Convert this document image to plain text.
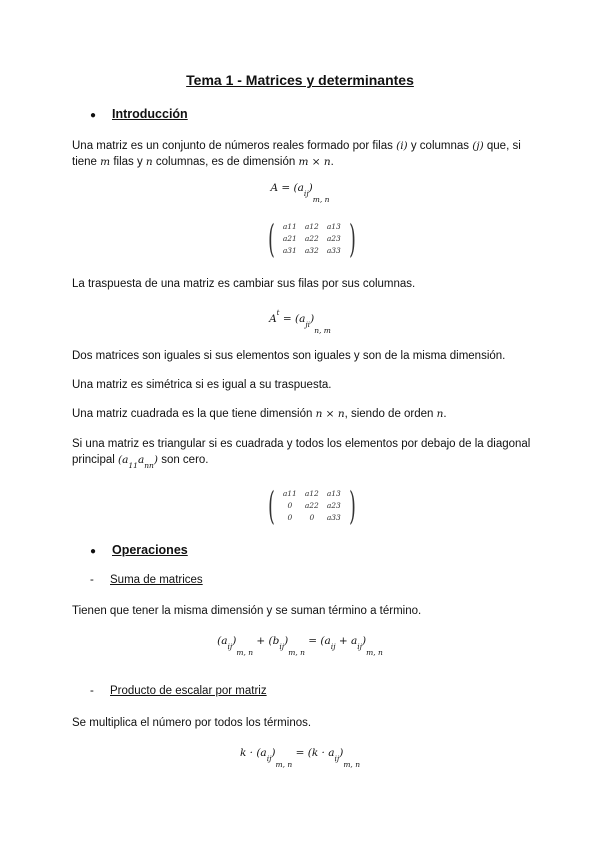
Tema 1 - Matrices y determinantes
● Introducción
Una matriz es un conjunto de números reales formado por filas (i) y columnas (j) que, si
tiene m filas y n columnas, es de dimensión m × n.
$A = (a_{ij})_{m, n}$
(	a11	a12	a13
a21	a22	a23
a31	a32	a33 )
La traspuesta de una matriz es cambiar sus filas por sus columnas.
$A^t = (a_{ji})_{n, m}$
Dos matrices son iguales si sus elementos son iguales y son de la misma dimensión.
Una matriz es simétrica si es igual a su traspuesta.
Una matriz cuadrada es la que tiene dimensión n × n, siendo de orden n.
Si una matriz es triangular si es cuadrada y todos los elementos por debajo de la diagonal
principal $(a_{11}a_{nn})$ son cero.
(	a11	a12	a13
0	a22	a23
0	0	a33 )
● Operaciones
- Suma de matrices
Tienen que tener la misma dimensión y se suman término a término.
$(a_{ij})_{m, n} + (b_{ij})_{m, n} = (a_{ij} + a_{ij})_{m, n}$
- Producto de escalar por matriz
Se multiplica el número por todos los términos.
$k \cdot (a_{ij})_{m, n} = (k \cdot a_{ij})_{m, n}$
